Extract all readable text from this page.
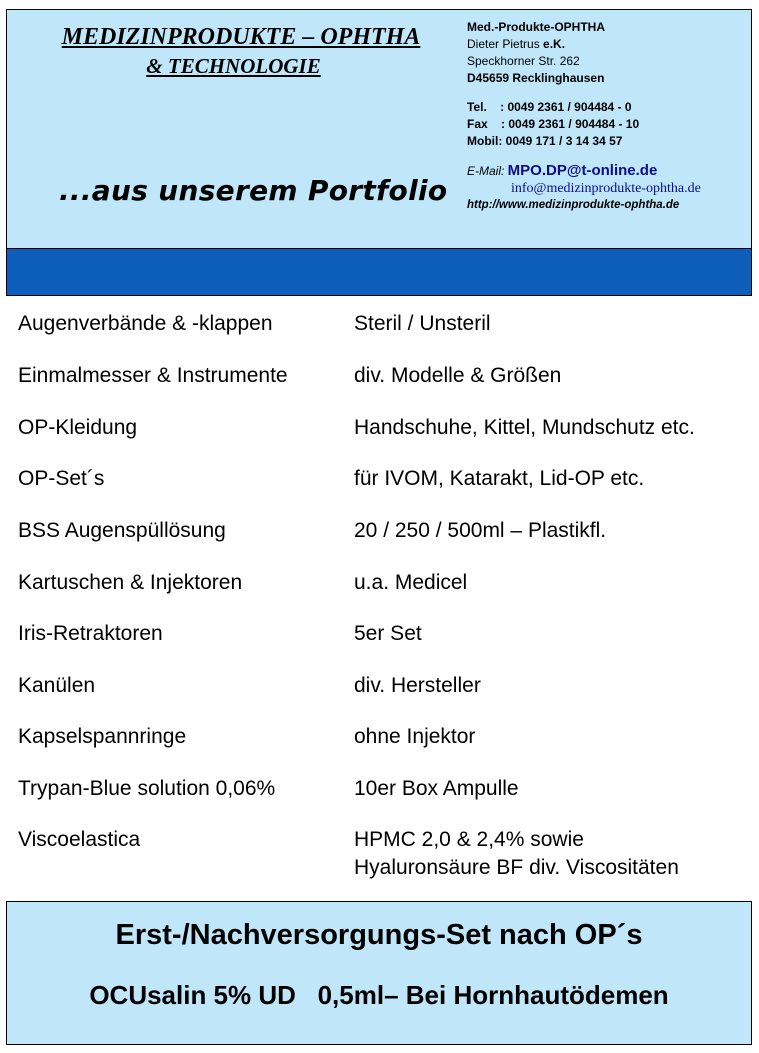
MEDIZINPRODUKTE – OPHTHA
& TECHNOLOGIE
...aus unserem Portfolio
Med.-Produkte-OPHTHA
Dieter Pietrus e.K.
Speckhorner Str. 262
D45659 Recklinghausen
Tel.    : 0049 2361 / 904484 - 0
Fax    : 0049 2361 / 904484 - 10
Mobil: 0049 171 / 3 14 34 57
E-Mail: MPO.DP@t-online.de
info@medizinprodukte-ophtha.de
http://www.medizinprodukte-ophtha.de
Augenverbände & -klappen	Steril / Unsteril
Einmalmesser & Instrumente	div. Modelle & Größen
OP-Kleidung	Handschuhe, Kittel, Mundschutz etc.
OP-Set´s	für IVOM, Katarakt, Lid-OP etc.
BSS Augenspüllösung	20 / 250 / 500ml – Plastikfl.
Kartuschen & Injektoren	u.a. Medicel
Iris-Retraktoren	5er Set
Kanülen	div. Hersteller
Kapselspannringe	ohne Injektor
Trypan-Blue solution 0,06%	10er Box Ampulle
Viscoelastica	HPMC 2,0 & 2,4% sowie
Hyaluronsäure BF div. Viscositäten
Erst-/Nachversorgungs-Set nach OP´s
OCUsalin 5% UD   0,5ml– Bei Hornhautödemen
